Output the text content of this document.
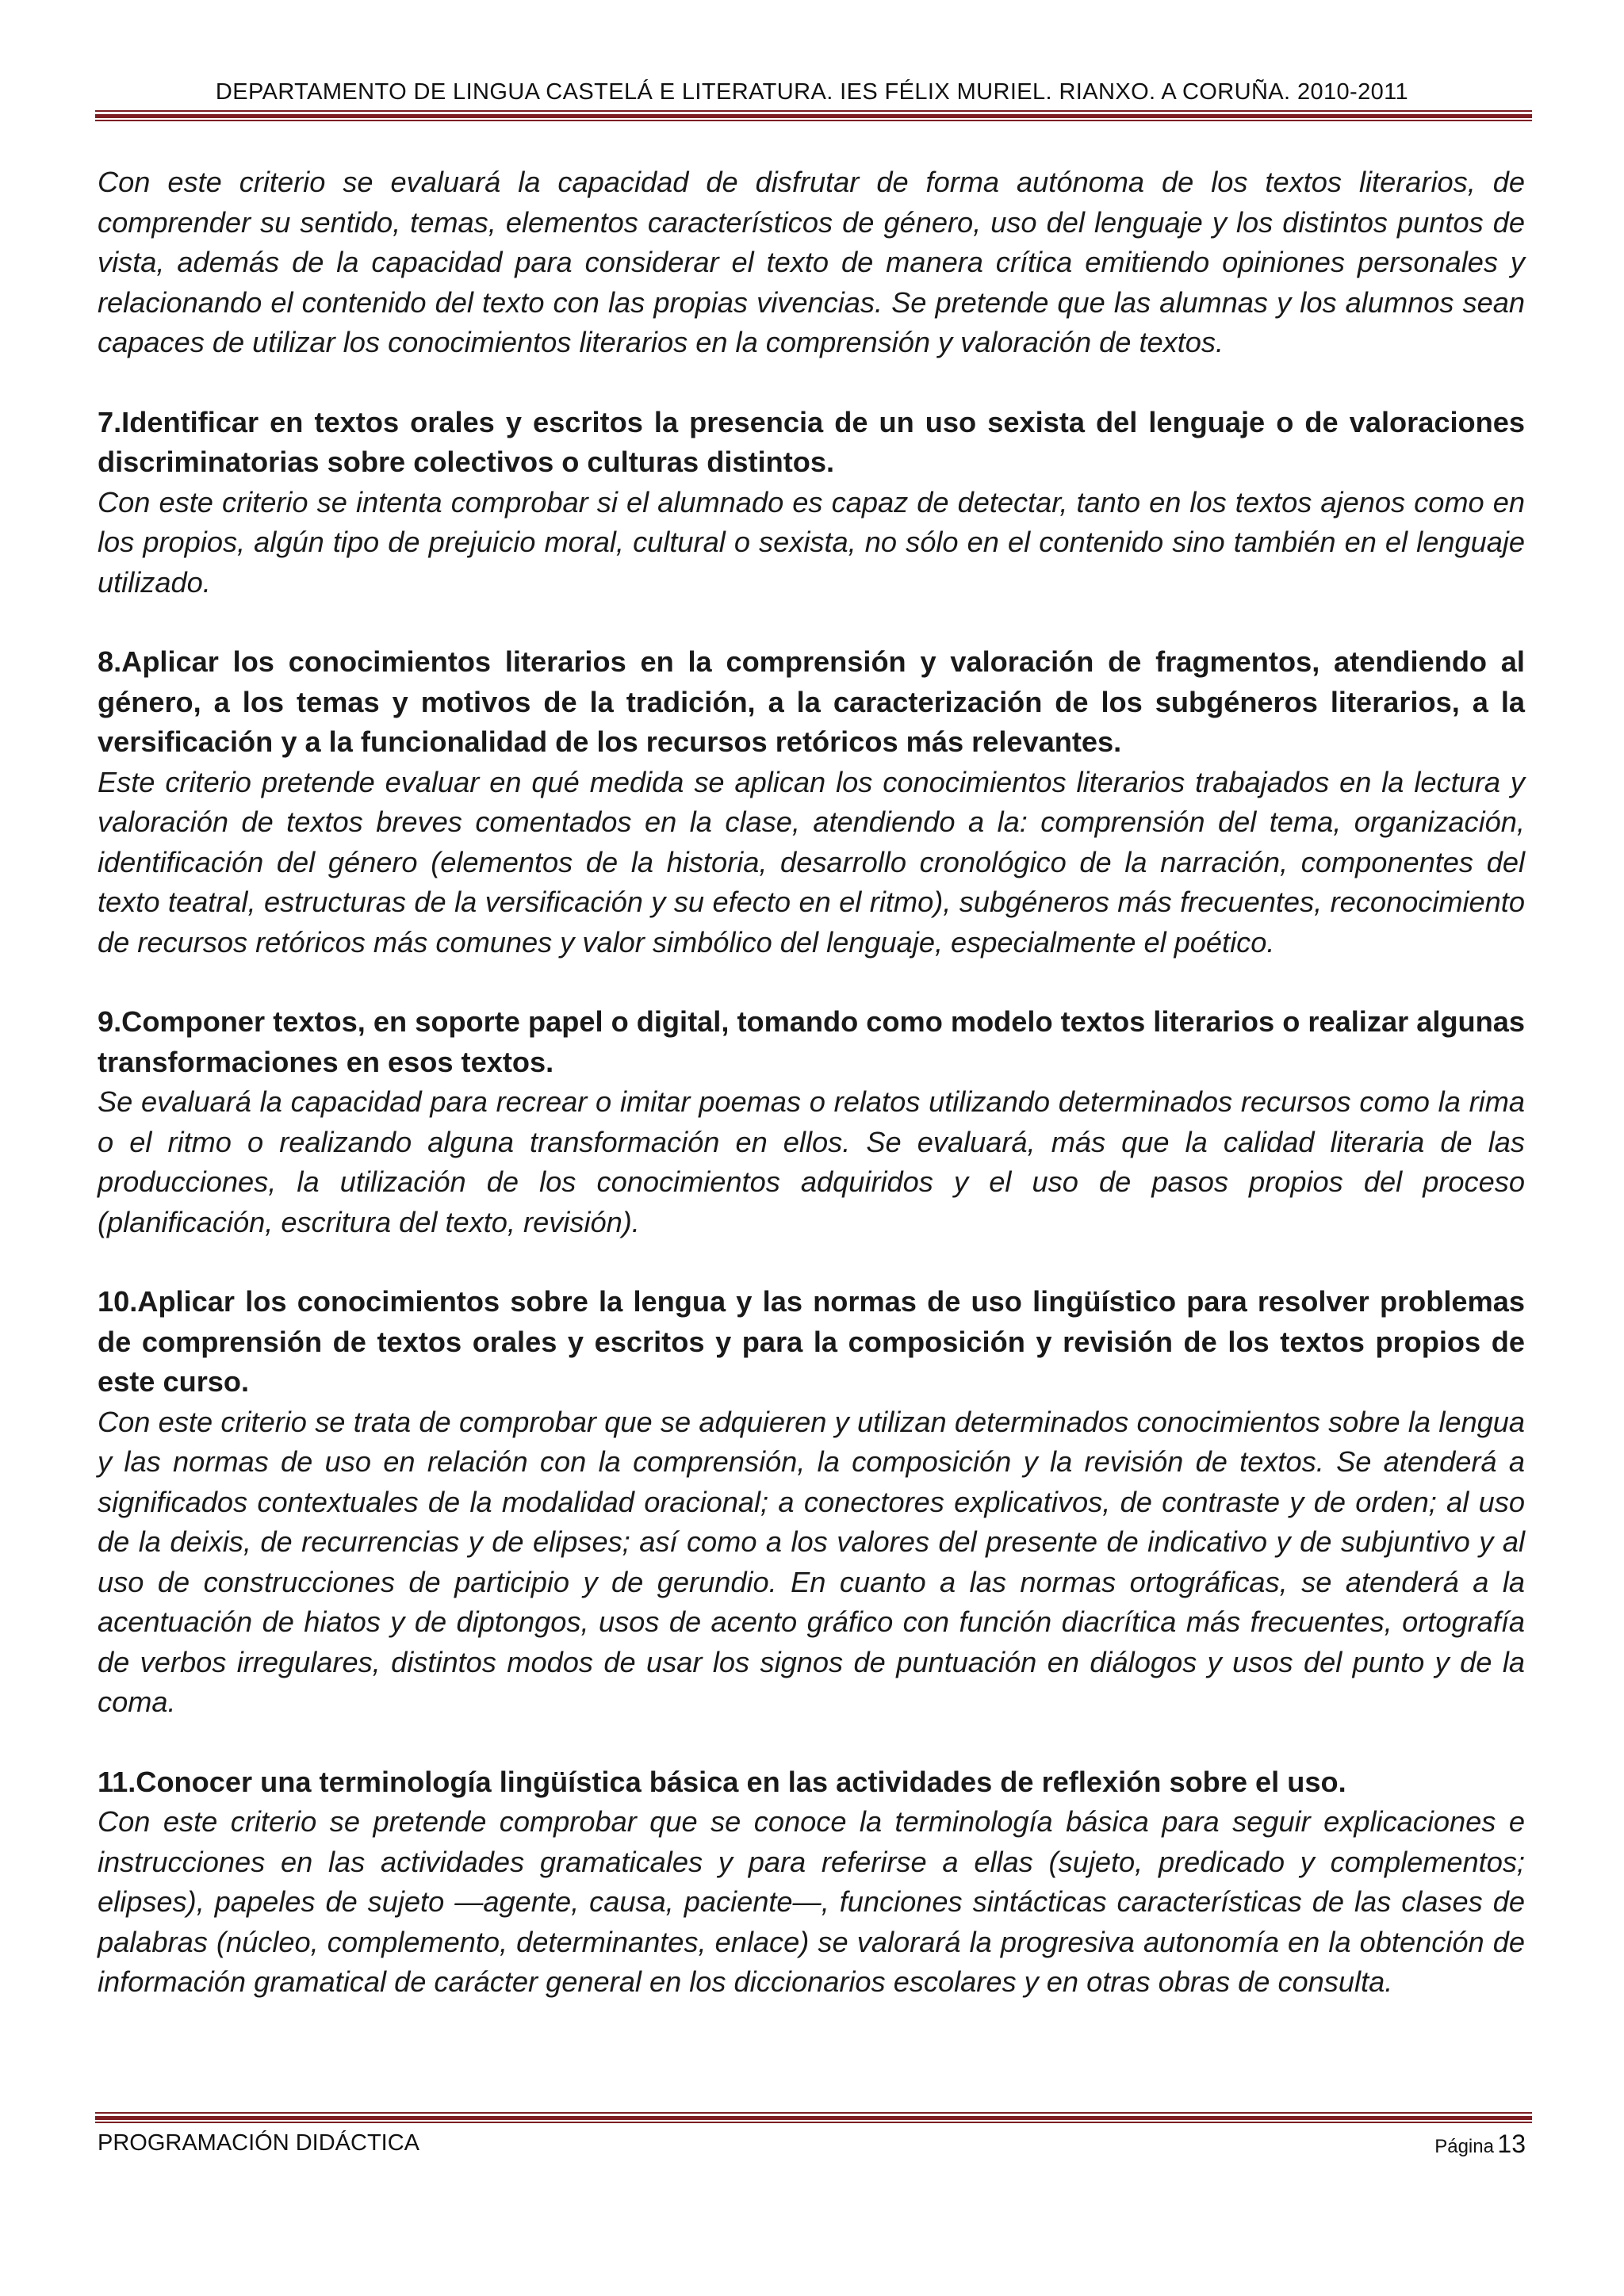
DEPARTAMENTO DE LINGUA CASTELÁ E LITERATURA. IES FÉLIX MURIEL. RIANXO. A CORUÑA. 2010-2011

Con este criterio se evaluará la capacidad de disfrutar de forma autónoma de los textos literarios, de comprender su sentido, temas, elementos característicos de género, uso del lenguaje y los distintos puntos de vista, además de la capacidad para considerar el texto de manera crítica emitiendo opiniones personales y relacionando el contenido del texto con las propias vivencias. Se pretende que las alumnas y los alumnos sean capaces de utilizar los conocimientos literarios en la comprensión y valoración de textos.

7.Identificar en textos orales y escritos la presencia de un uso sexista del lenguaje o de valoraciones discriminatorias sobre colectivos o culturas distintos.
Con este criterio se intenta comprobar si el alumnado es capaz de detectar, tanto en los textos ajenos como en los propios, algún tipo de prejuicio moral, cultural o sexista, no sólo en el contenido sino también en el lenguaje utilizado.

8.Aplicar los conocimientos literarios en la comprensión y valoración de fragmentos, atendiendo al género, a los temas y motivos de la tradición, a la caracterización de los subgéneros literarios, a la versificación y a la funcionalidad de los recursos retóricos más relevantes.
Este criterio pretende evaluar en qué medida se aplican los conocimientos literarios trabajados en la lectura y valoración de textos breves comentados en la clase, atendiendo a la: comprensión del tema, organización, identificación del género (elementos de la historia, desarrollo cronológico de la narración, componentes del texto teatral, estructuras de la versificación y su efecto en el ritmo), subgéneros más frecuentes, reconocimiento de recursos retóricos más comunes y valor simbólico del lenguaje, especialmente el poético.

9.Componer textos, en soporte papel o digital, tomando como modelo textos literarios o realizar algunas transformaciones en esos textos.
Se evaluará la capacidad para recrear o imitar poemas o relatos utilizando determinados recursos como la rima o el ritmo o realizando alguna transformación en ellos. Se evaluará, más que la calidad literaria de las producciones, la utilización de los conocimientos adquiridos y el uso de pasos propios del proceso (planificación, escritura del texto, revisión).

10.Aplicar los conocimientos sobre la lengua y las normas de uso lingüístico para resolver problemas de comprensión de textos orales y escritos y para la composición y revisión de los textos propios de este curso.
Con este criterio se trata de comprobar que se adquieren y utilizan determinados conocimientos sobre la lengua y las normas de uso en relación con la comprensión, la composición y la revisión de textos. Se atenderá a significados contextuales de la modalidad oracional; a conectores explicativos, de contraste y de orden; al uso de la deixis, de recurrencias y de elipses; así como a los valores del presente de indicativo y de subjuntivo y al uso de construcciones de participio y de gerundio. En cuanto a las normas ortográficas, se atenderá a la acentuación de hiatos y de diptongos, usos de acento gráfico con función diacrítica más frecuentes, ortografía de verbos irregulares, distintos modos de usar los signos de puntuación en diálogos y usos del punto y de la coma.

11.Conocer una terminología lingüística básica en las actividades de reflexión sobre el uso.
Con este criterio se pretende comprobar que se conoce la terminología básica para seguir explicaciones e instrucciones en las actividades gramaticales y para referirse a ellas (sujeto, predicado y complementos; elipses), papeles de sujeto —agente, causa, paciente—, funciones sintácticas características de las clases de palabras (núcleo, complemento, determinantes, enlace) se valorará la progresiva autonomía en la obtención de información gramatical de carácter general en los diccionarios escolares y en otras obras de consulta.

PROGRAMACIÓN DIDÁCTICA	Página 13
